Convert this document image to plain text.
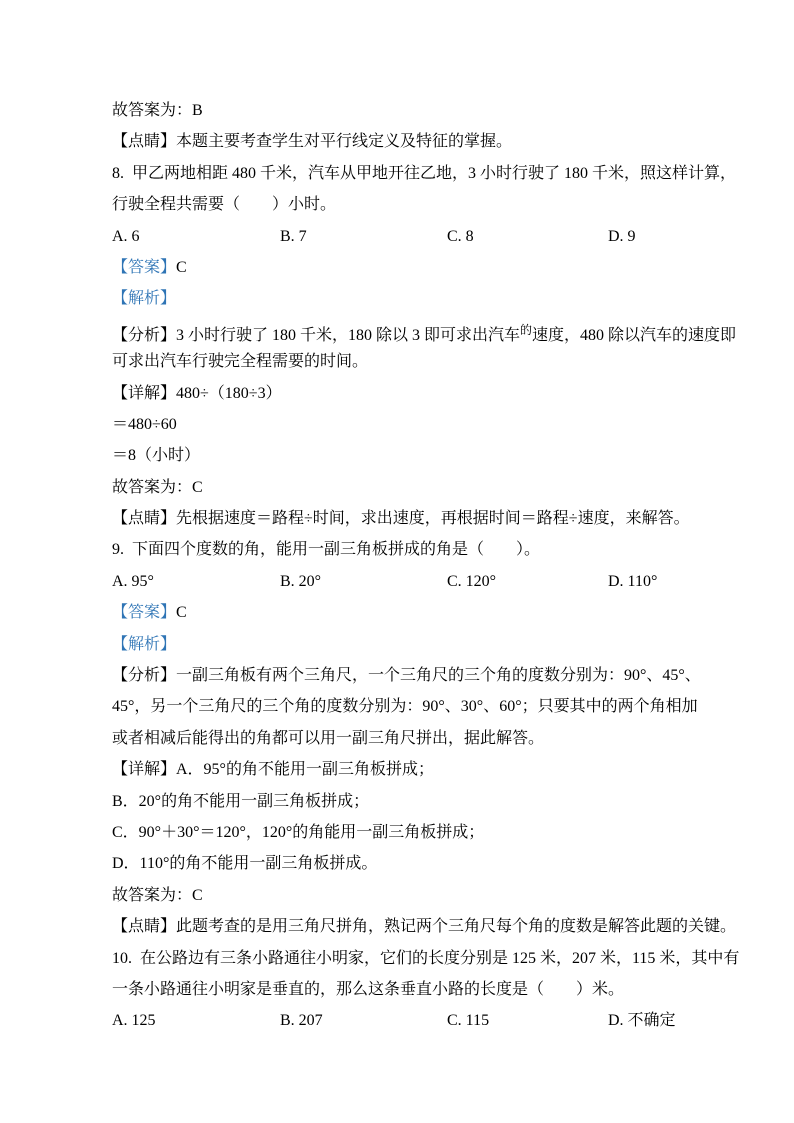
故答案为：B
【点睛】本题主要考查学生对平行线定义及特征的掌握。
8.  甲乙两地相距 480 千米，汽车从甲地开往乙地，3 小时行驶了 180 千米，照这样计算，
行驶全程共需要（　　）小时。
A. 6	B. 7	C. 8	D. 9
【答案】C
【解析】
【分析】3 小时行驶了 180 千米，180 除以 3 即可求出汽车$^的$速度，480 除以汽车的速度即
可求出汽车行驶完全程需要的时间。
【详解】480÷（180÷3）
＝480÷60
＝8（小时）
故答案为：C
【点睛】先根据速度＝路程÷时间，求出速度，再根据时间＝路程÷速度，来解答。
9.  下面四个度数的角，能用一副三角板拼成的角是（　　）。
A. 95°	B. 20°	C. 120°	D. 110°
【答案】C
【解析】
【分析】一副三角板有两个三角尺，一个三角尺的三个角的度数分别为：90°、45°、
45°，另一个三角尺的三个角的度数分别为：90°、30°、60°；只要其中的两个角相加
或者相减后能得出的角都可以用一副三角尺拼出，据此解答。
【详解】A．95°的角不能用一副三角板拼成；
B．20°的角不能用一副三角板拼成；
C．90°＋30°＝120°，120°的角能用一副三角板拼成；
D．110°的角不能用一副三角板拼成。
故答案为：C
【点睛】此题考查的是用三角尺拼角，熟记两个三角尺每个角的度数是解答此题的关键。
10.  在公路边有三条小路通往小明家，它们的长度分别是 125 米，207 米，115 米，其中有
一条小路通往小明家是垂直的，那么这条垂直小路的长度是（　　）米。
A. 125	B. 207	C. 115	D. 不确定
